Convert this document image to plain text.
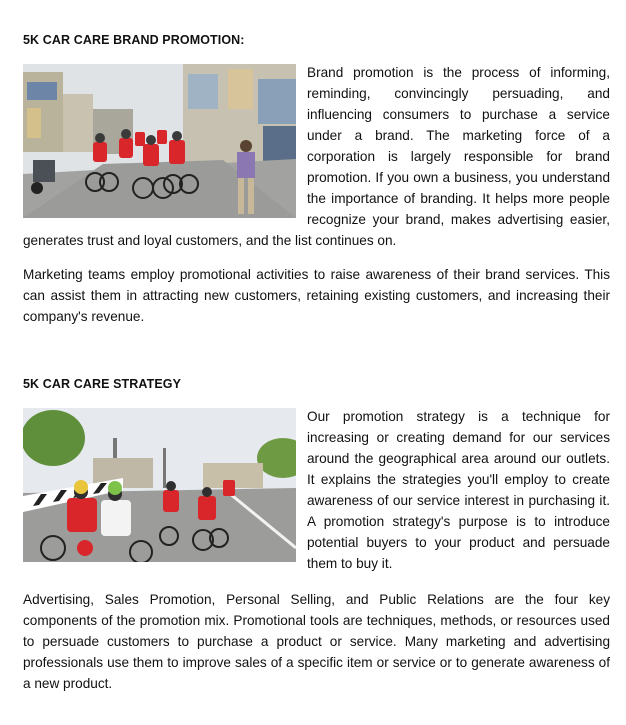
5K CAR CARE BRAND PROMOTION:

Brand promotion is the process of informing, reminding, convincingly persuading, and influencing consumers to purchase a service under a brand. The marketing force of a corporation is largely responsible for brand promotion. If you own a business, you understand the importance of branding. It helps more people recognize your brand, makes advertising easier, generates trust and loyal customers, and the list continues on.

Marketing teams employ promotional activities to raise awareness of their brand services. This can assist them in attracting new customers, retaining existing customers, and increasing their company's revenue.

5K CAR CARE STRATEGY

Our promotion strategy is a technique for increasing or creating demand for our services around the geographical area around our outlets. It explains the strategies you'll employ to create awareness of our service interest in purchasing it. A promotion strategy's purpose is to introduce potential buyers to your product and persuade them to buy it.

Advertising, Sales Promotion, Personal Selling, and Public Relations are the four key components of the promotion mix. Promotional tools are techniques, methods, or resources used to persuade customers to purchase a product or service. Many marketing and advertising professionals use them to improve sales of a specific item or service or to generate awareness of a new product.
